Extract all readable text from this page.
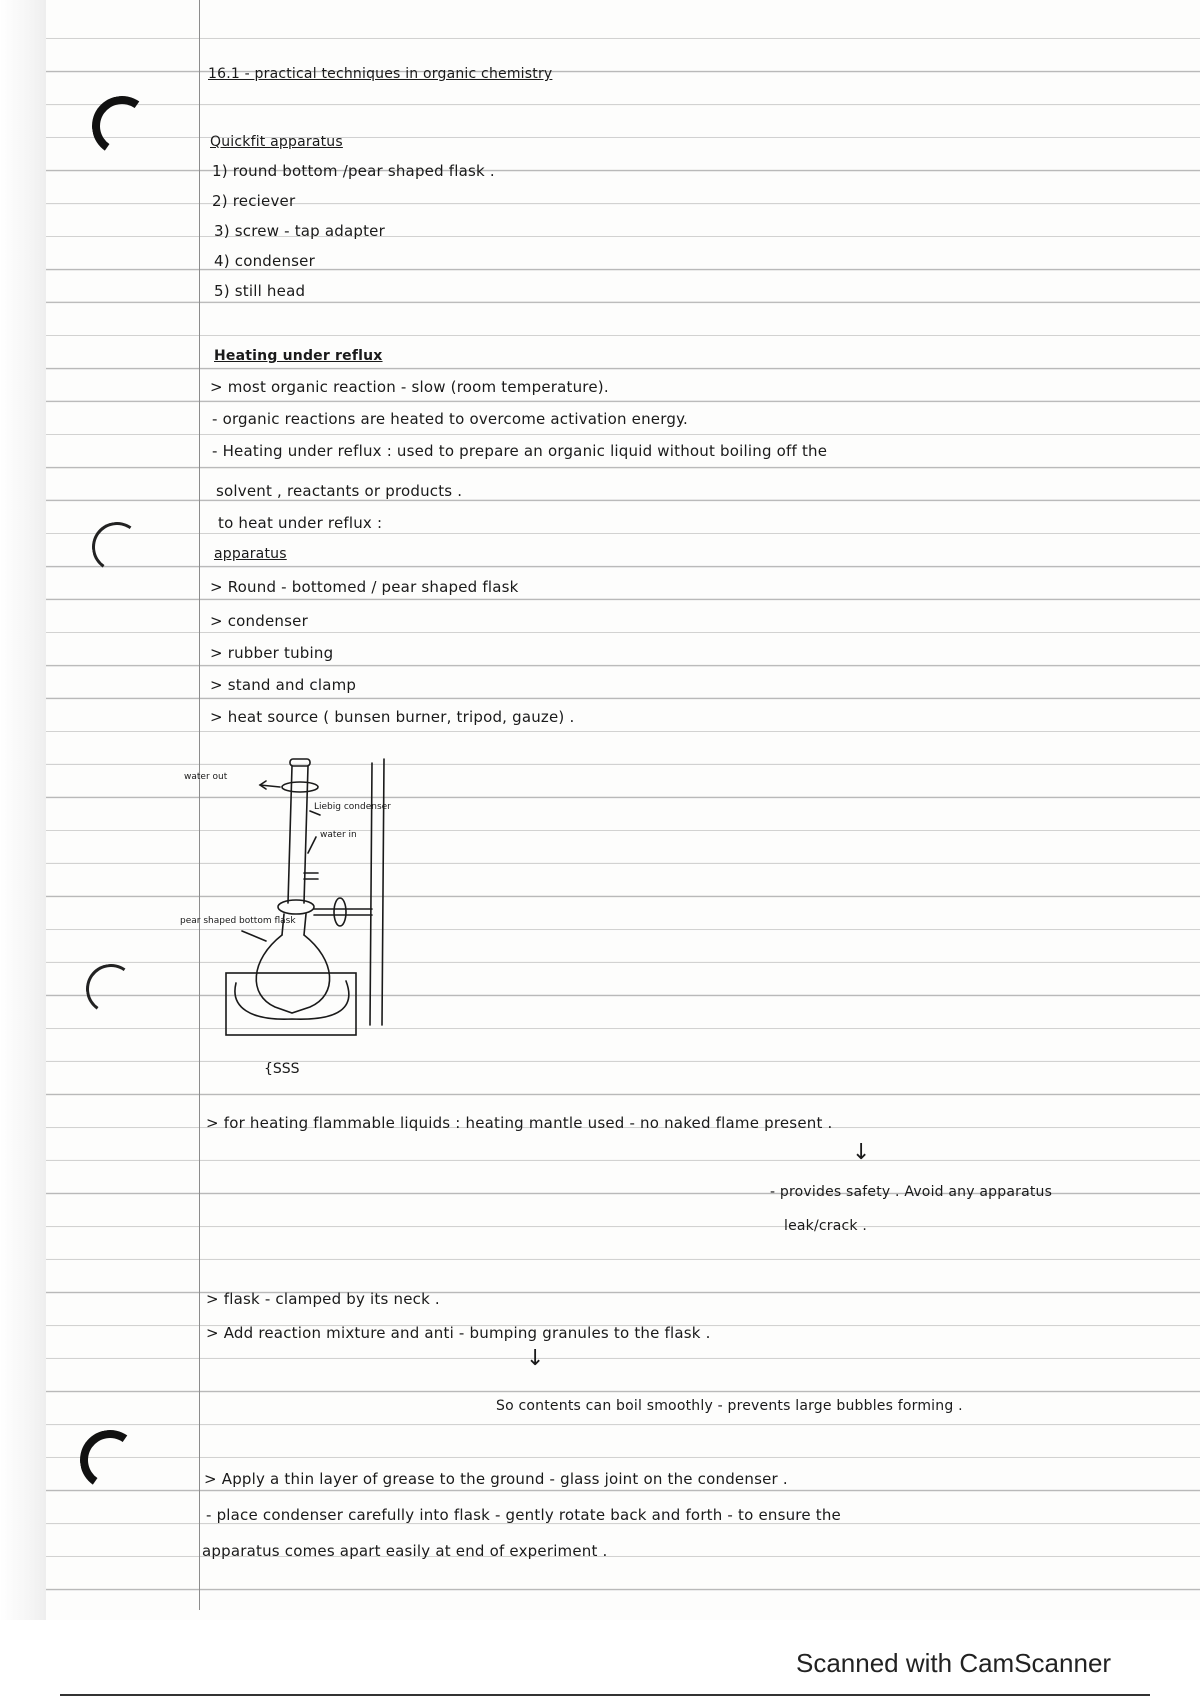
16.1 - practical techniques in organic chemistry

Quickfit apparatus

1) round bottom /pear shaped flask .

2) reciever

3) screw - tap adapter

4) condenser

5) still head

Heating under reflux

> most organic reaction - slow (room temperature).

- organic reactions are heated to overcome activation energy.

- Heating under reflux : used to prepare an organic liquid without boiling off the

solvent , reactants or products .

to heat under reflux :

apparatus

> Round - bottomed / pear shaped flask

> condenser

> rubber tubing

> stand and clamp

> heat source ( bunsen burner, tripod, gauze) .

water out
Liebig condenser
water in
pear shaped bottom flask
{SSS

> for heating flammable liquids : heating mantle used - no naked flame present .

↓

- provides safety . Avoid any apparatus

leak/crack .

> flask - clamped by its neck .

> Add reaction mixture and anti - bumping granules to the flask .

↓

So contents can boil smoothly - prevents large bubbles forming .

> Apply a thin layer of grease to the ground - glass joint on the condenser .

- place condenser carefully into flask - gently rotate back and forth - to ensure the

apparatus comes apart easily at end of experiment .

Scanned with CamScanner
